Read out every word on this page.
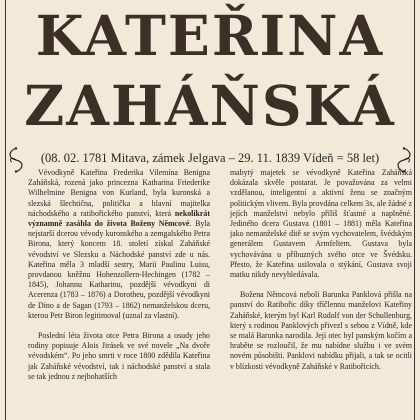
KATEŘINA
ZAHÁŇSKÁ
(08. 02. 1781 Mitava, zámek Jelgava – 29. 11. 1839 Vídeň = 58 let)

Vévodkyně Kateřina Frederika Vilemína Benigna Zaháňská, rozená jako princezna Katharina Friederike Wilhelmine Benigna von Kurland, byla kuronská a slezská šlechtična, politička a hlavní majitelka náchodského a ratibořického panství, která nekolikrát významně zasáhla do života Boženy Němcové. Byla nejstarší dcerou vévody kuronského a zemgalského Petra Birona, který koncem 18. století získal Zaháňské vévodství ve Slezsku a Náchodské panství zde u nás. Kateřina měla 3 mladší sestry, Marii Paulinu Luisu, provdanou kněžnu Hohenzollern-Hechingen (1782 – 1845), Johannu Katharinu, pozdější vévodkyni di Acerenza (1783 – 1876) a Dorotheu, pozdější vévodkyni de Dino a de Sagan (1793 – 1862) nemanželskou dceru, kterou Petr Biron legitimoval (uznal za vlastní).

Poslední léta života otce Petra Birona a osudy jeho rodiny popisuje Alois Jirásek ve své novele „Na dvoře vévodském“. Po jeho smrti v roce 1800 zdědila Kateřina jak Zaháňské vévodství, tak i náchodské panství a stala se tak jednou z nejbohatších

mabytý majetek se vévodkyně Kateřina Zaháňská dokázala skvěle postarat. Je považována za velmi vzdělanou, inteligentní a aktivní ženu se značným politickým vlivem. Byla provdána celkem 3x, ale žádné z jejích manželství nebylo příliš šťastné a naplněné. Jediného dcera Gustava (1801 – 1881) měla Kateřina jako nemanželské dítě se svým vychovatelem, švédským generálem Gustavem Armfeltem. Gustava byla vychovávána u příbuzných svého otce ve Švédsku. Přesto, že Kateřina usilovala o stýkání, Gustava svoji matku nikdy nevyhledávala.

Božena Němcová neboli Barunka Panklová přišla na panství do Ratibořic díky tříčlennu manželovi Kateřiny Zaháňské, kterým byl Karl Rudolf von der Schullenburg, který s rodinou Panklových přivezl s sebou z Vídně, kde se malá Barunka narodila. Její otec byl panským kočím a hraběte se rozloučil, že mu nabídne službu i ve svém novém působišti. Panklovi nabídku přijali, a tak se ocitli v blízkosti vévodkyně Zaháňské v Ratibořicích.
